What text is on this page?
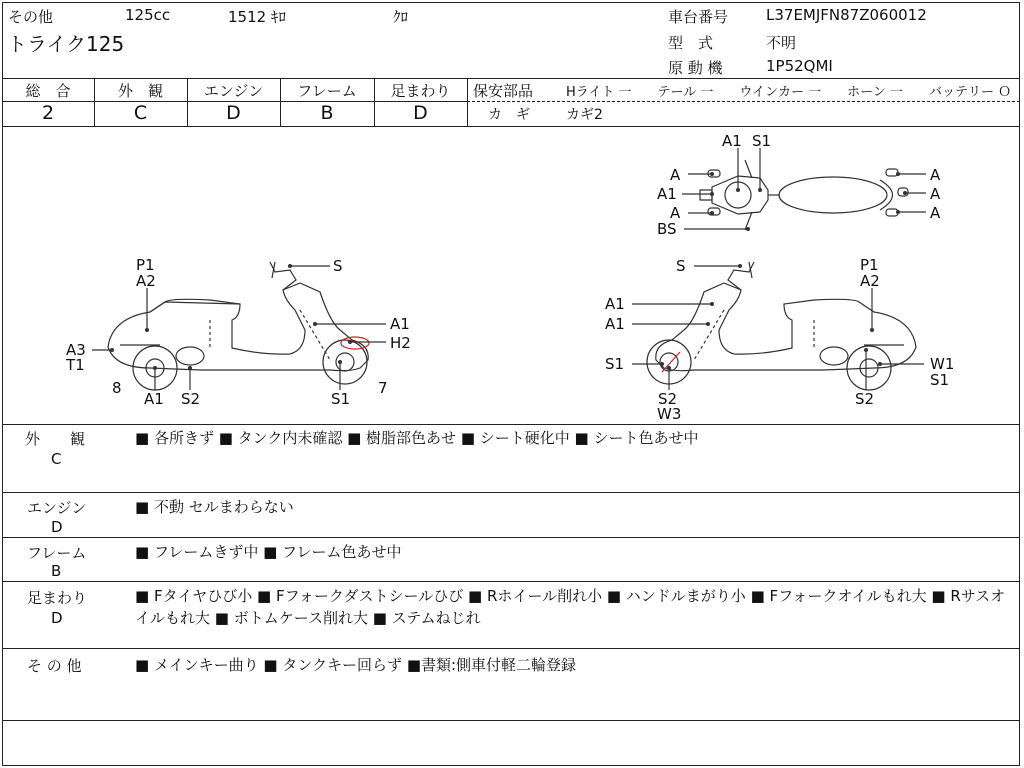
その他	125cc	1512 ｷﾛ	ｸﾛ
トライク125
車台番号	L37EMJFN87Z060012
型　式	不明
原 動 機	1P52QMI
総　合	外　観	エンジン	フレーム	足まわり
2	C	D	B	D
保安部品	Hライト 一　　テール 一　　ウインカー 一　　ホーン 一　　バッテリー Ｏ
カ　ギ	カギ2
A1 S1
A
A1
A
BS
A
A
A
P1
A2
S
A1
H2
A3
T1
8
A1 S2	S1
7
S	P1
A2
A1
A1
S1
S2
W3
W1
S1
S2
外　　観
C
■ 各所きず ■ タンク内未確認 ■ 樹脂部色あせ ■ シート硬化中 ■ シート色あせ中
エンジン
D
■ 不動 セルまわらない
フレーム
B
■ フレームきず中 ■ フレーム色あせ中
足まわり
D
■ Fタイヤひび小 ■ Fフォークダストシールひび ■ Rホイール削れ小 ■ ハンドルまがり小 ■ Fフォークオイルもれ大 ■ Rサスオイルもれ大 ■ ボトムケース削れ大 ■ ステムねじれ
そ の 他	■ メインキー曲り ■ タンクキー回らず ■書類:側車付軽二輪登録
